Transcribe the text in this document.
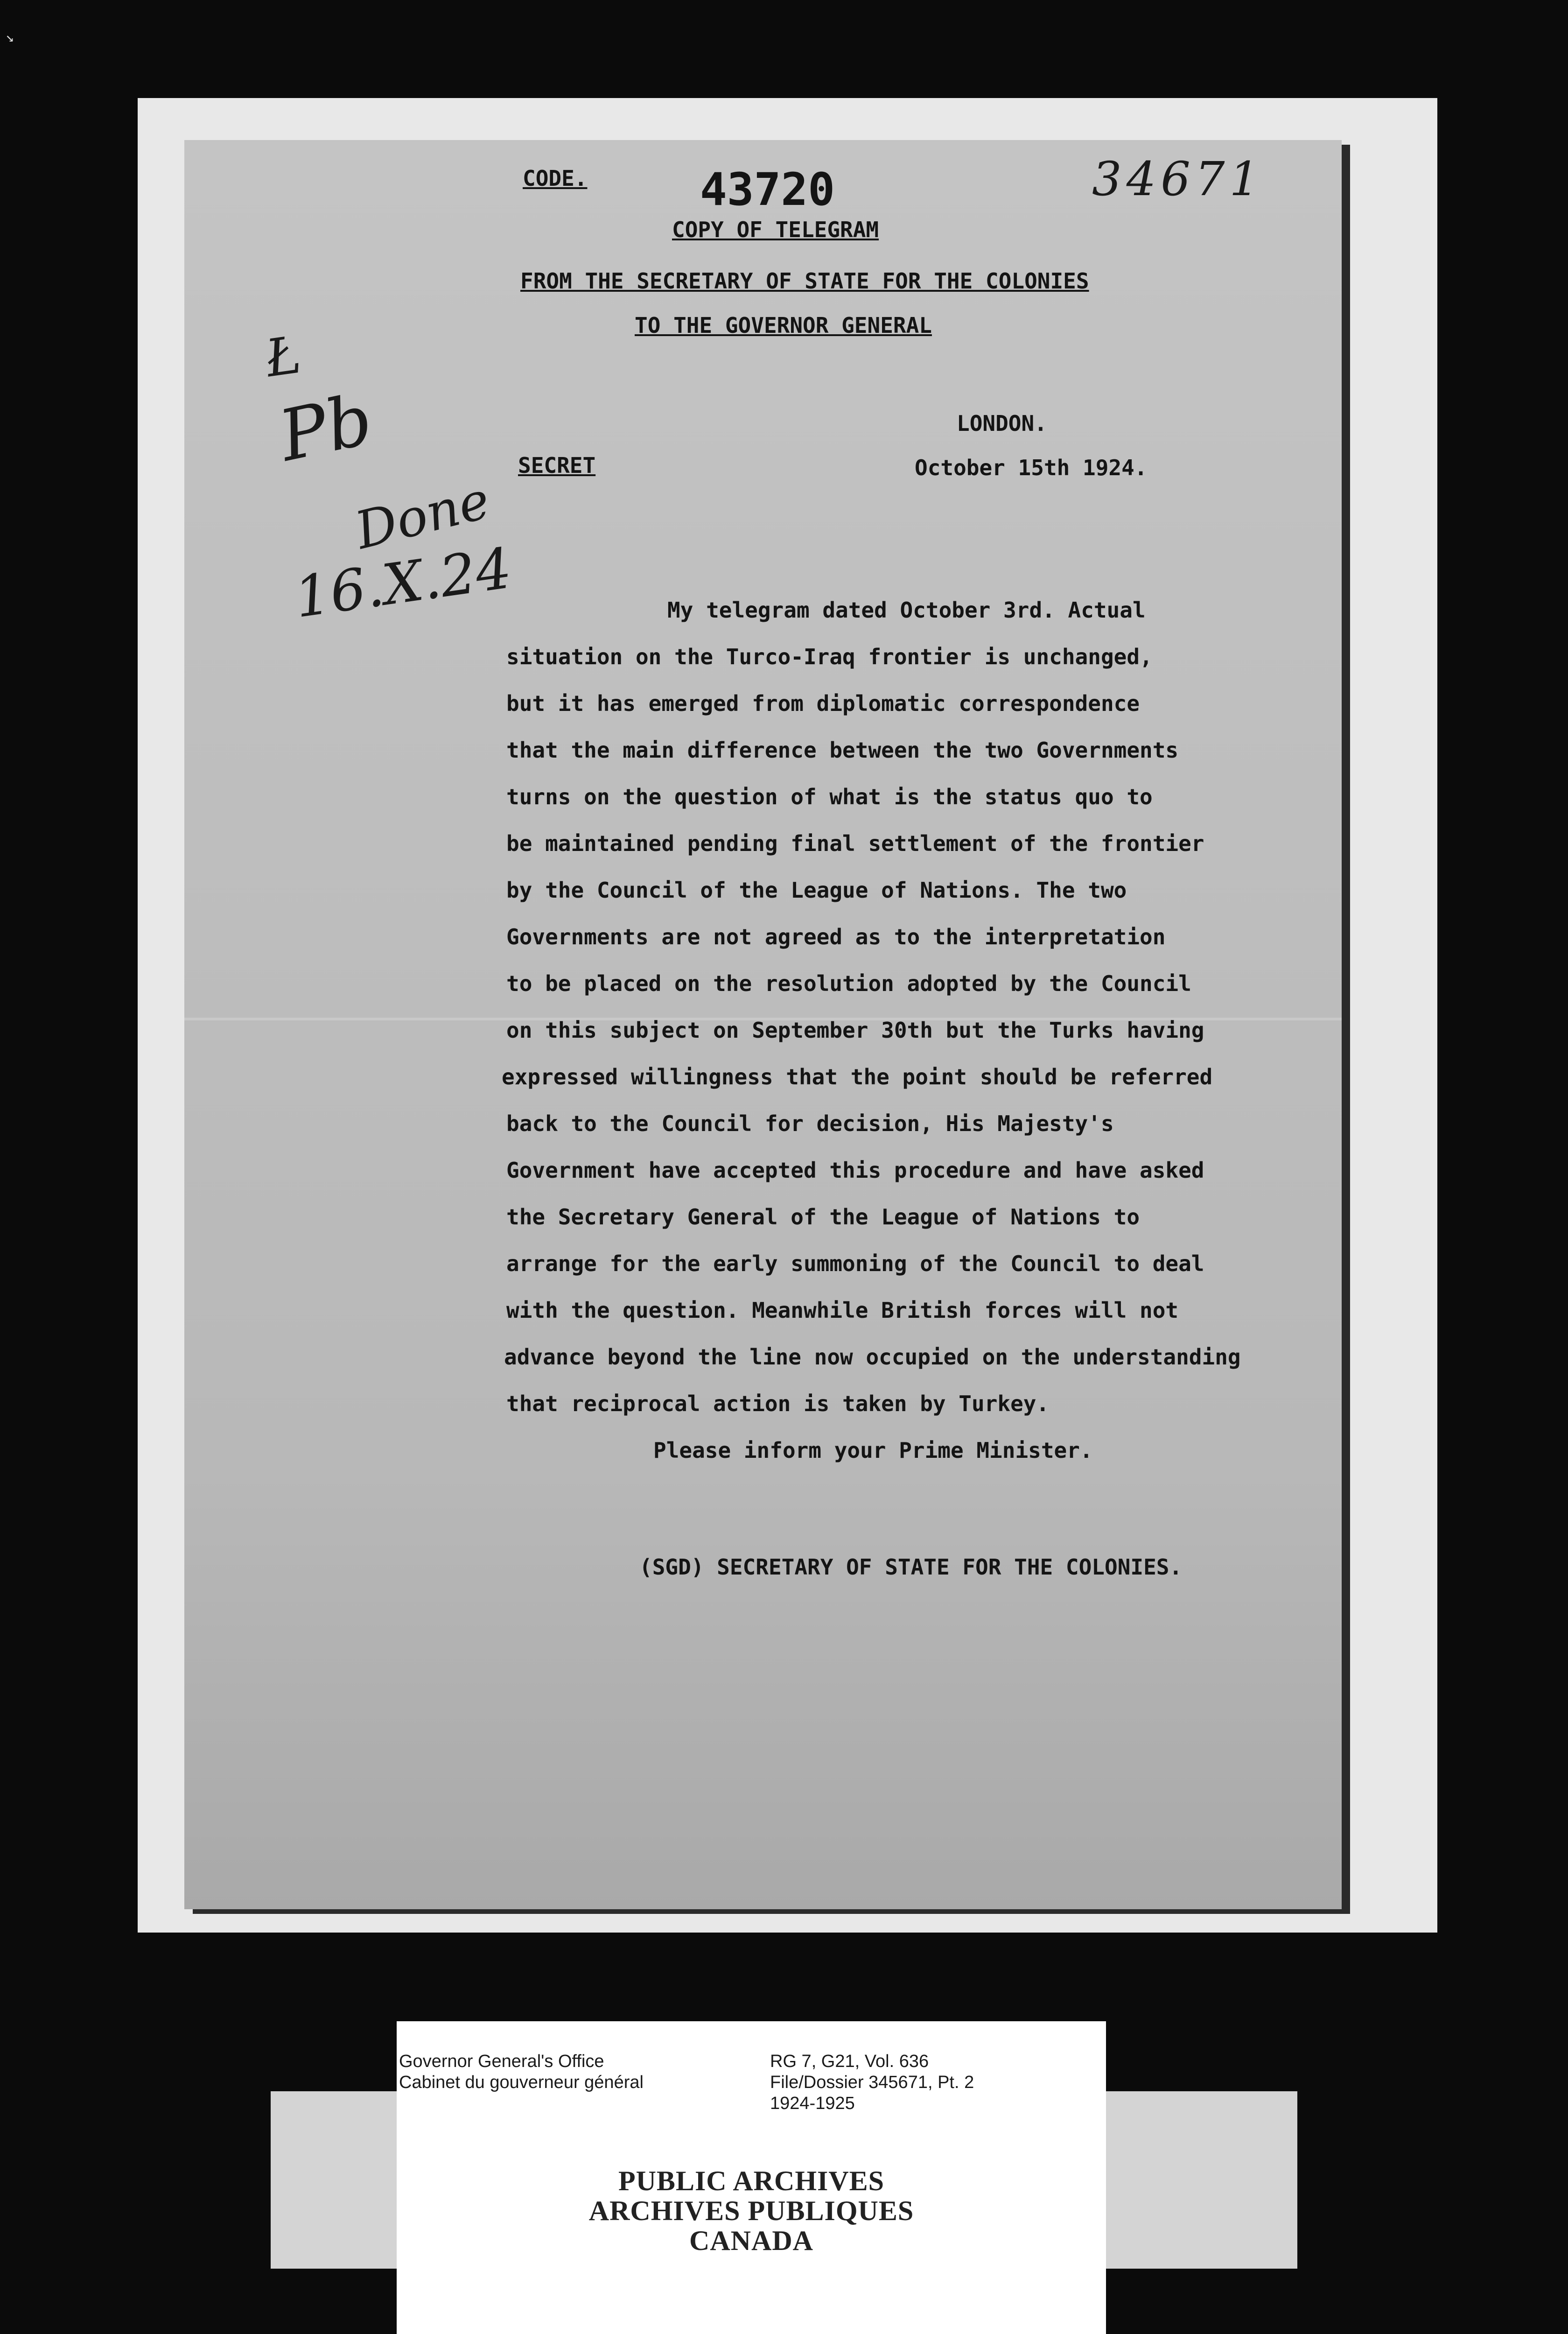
↘
CODE.	43720	34671
COPY OF TELEGRAM
FROM THE SECRETARY OF STATE FOR THE COLONIES
TO THE GOVERNOR GENERAL
LONDON.
SECRET	October 15th 1924.
Ł
Pb
Done
16.X.24	My telegram dated October 3rd. Actual
situation on the Turco-Iraq frontier is unchanged,
but it has emerged from diplomatic correspondence
that the main difference between the two Governments
turns on the question of what is the status quo to
be maintained pending final settlement of the frontier
by the Council of the League of Nations. The two
Governments are not agreed as to the interpretation
to be placed on the resolution adopted by the Council
on this subject on September 30th but the Turks having
expressed willingness that the point should be referred
back to the Council for decision, His Majesty's
Government have accepted this procedure and have asked
the Secretary General of the League of Nations to
arrange for the early summoning of the Council to deal
with the question. Meanwhile British forces will not
advance beyond the line now occupied on the understanding
that reciprocal action is taken by Turkey.
Please inform your Prime Minister.
(SGD) SECRETARY OF STATE FOR THE COLONIES.
Governor General's Office
Cabinet du gouverneur général
RG 7, G21, Vol. 636
File/Dossier 345671, Pt. 2
1924-1925
PUBLIC ARCHIVES
ARCHIVES PUBLIQUES
CANADA
